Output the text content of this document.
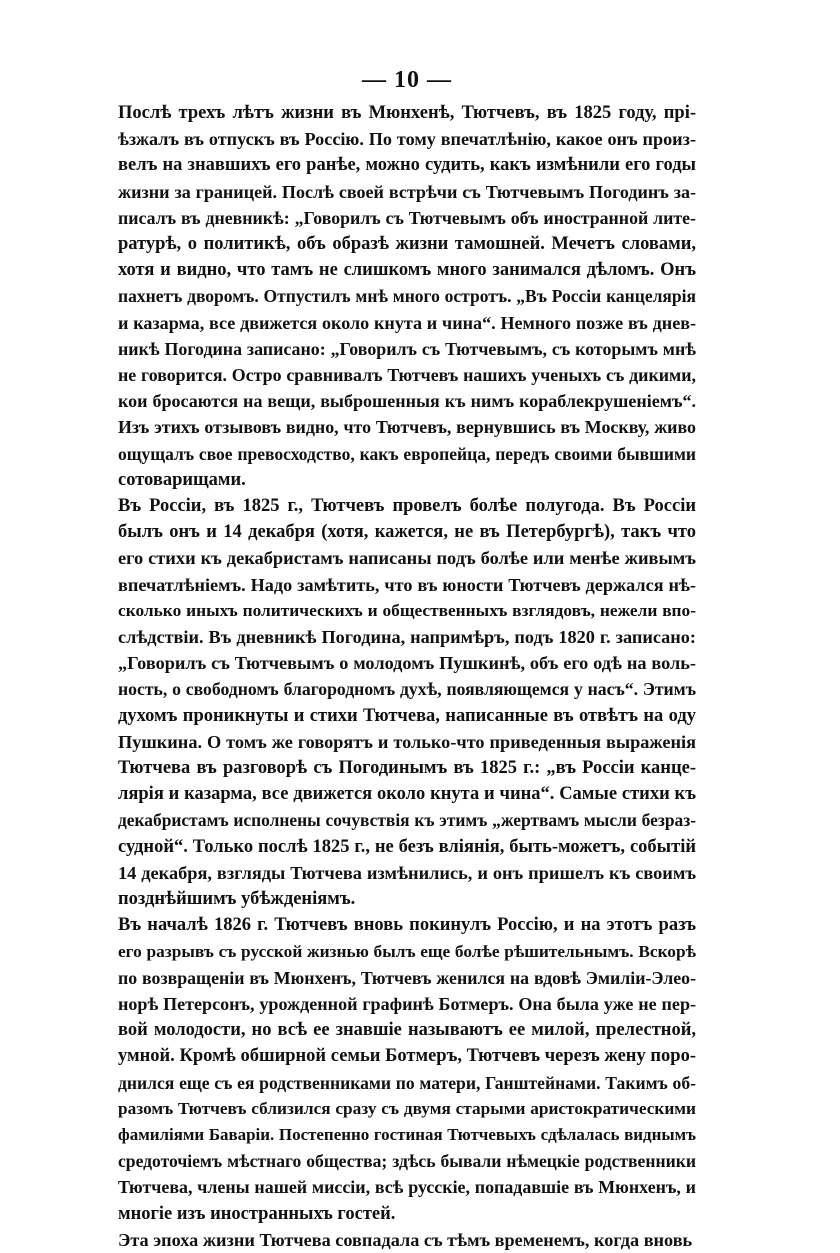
— 10 —
Послѣ трехъ лѣтъ жизни въ Мюнхенѣ, Тютчевъ, въ 1825 году, прі-
ѣзжалъ въ отпускъ въ Россію. По тому впечатлѣнію, какое онъ произ-
велъ на знавшихъ его ранѣе, можно судить, какъ измѣнили его годы
жизни за границей. Послѣ своей встрѣчи съ Тютчевымъ Погодинъ за-
писалъ въ дневникѣ: „Говорилъ съ Тютчевымъ объ иностранной лите-
ратурѣ, о политикѣ, объ образѣ жизни тамошней. Мечетъ словами,
хотя и видно, что тамъ не слишкомъ много занимался дѣломъ. Онъ
пахнетъ дворомъ. Отпустилъ мнѣ много остротъ. „Въ Россіи канцелярія
и казарма, все движется около кнута и чина“. Немного позже въ днев-
никѣ Погодина записано: „Говорилъ съ Тютчевымъ, съ которымъ мнѣ
не говорится. Остро сравнивалъ Тютчевъ нашихъ ученыхъ съ дикими,
кои бросаются на вещи, выброшенныя къ нимъ кораблекрушеніемъ“.
Изъ этихъ отзывовъ видно, что Тютчевъ, вернувшись въ Москву, живо
ощущалъ свое превосходство, какъ европейца, передъ своими бывшими
сотоварищами.
Въ Россіи, въ 1825 г., Тютчевъ провелъ болѣе полугода. Въ Россіи
былъ онъ и 14 декабря (хотя, кажется, не въ Петербургѣ), такъ что
его стихи къ декабристамъ написаны подъ болѣе или менѣе живымъ
впечатлѣніемъ. Надо замѣтить, что въ юности Тютчевъ держался нѣ-
сколько иныхъ политическихъ и общественныхъ взглядовъ, нежели впо-
слѣдствіи. Въ дневникѣ Погодина, напримѣръ, подъ 1820 г. записано:
„Говорилъ съ Тютчевымъ о молодомъ Пушкинѣ, объ его одѣ на воль-
ность, о свободномъ благородномъ духѣ, появляющемся у насъ“. Этимъ
духомъ проникнуты и стихи Тютчева, написанные въ отвѣтъ на оду
Пушкина. О томъ же говорятъ и только-что приведенныя выраженія
Тютчева въ разговорѣ съ Погодинымъ въ 1825 г.: „въ Россіи канце-
лярія и казарма, все движется около кнута и чина“. Самые стихи къ
декабристамъ исполнены сочувствія къ этимъ „жертвамъ мысли безраз-
судной“. Только послѣ 1825 г., не безъ вліянія, быть-можетъ, событій
14 декабря, взгляды Тютчева измѣнились, и онъ пришелъ къ своимъ
позднѣйшимъ убѣжденіямъ.
Въ началѣ 1826 г. Тютчевъ вновь покинулъ Россію, и на этотъ разъ
его разрывъ съ русской жизнью былъ еще болѣе рѣшительнымъ. Вскорѣ
по возвращеніи въ Мюнхенъ, Тютчевъ женился на вдовѣ Эмиліи-Элео-
норѣ Петерсонъ, урожденной графинѣ Ботмеръ. Она была уже не пер-
вой молодости, но всѣ ее знавшіе называютъ ее милой, прелестной,
умной. Кромѣ обширной семьи Ботмеръ, Тютчевъ черезъ жену поро-
днился еще съ ея родственниками по матери, Ганштейнами. Такимъ об-
разомъ Тютчевъ сблизился сразу съ двумя старыми аристократическими
фамиліями Баваріи. Постепенно гостиная Тютчевыхъ сдѣлалась виднымъ
средоточіемъ мѣстнаго общества; здѣсь бывали нѣмецкіе родственники
Тютчева, члены нашей миссіи, всѣ русскіе, попадавшіе въ Мюнхенъ, и
многіе изъ иностранныхъ гостей.
Эта эпоха жизни Тютчева совпадала съ тѣмъ временемъ, когда вновь
